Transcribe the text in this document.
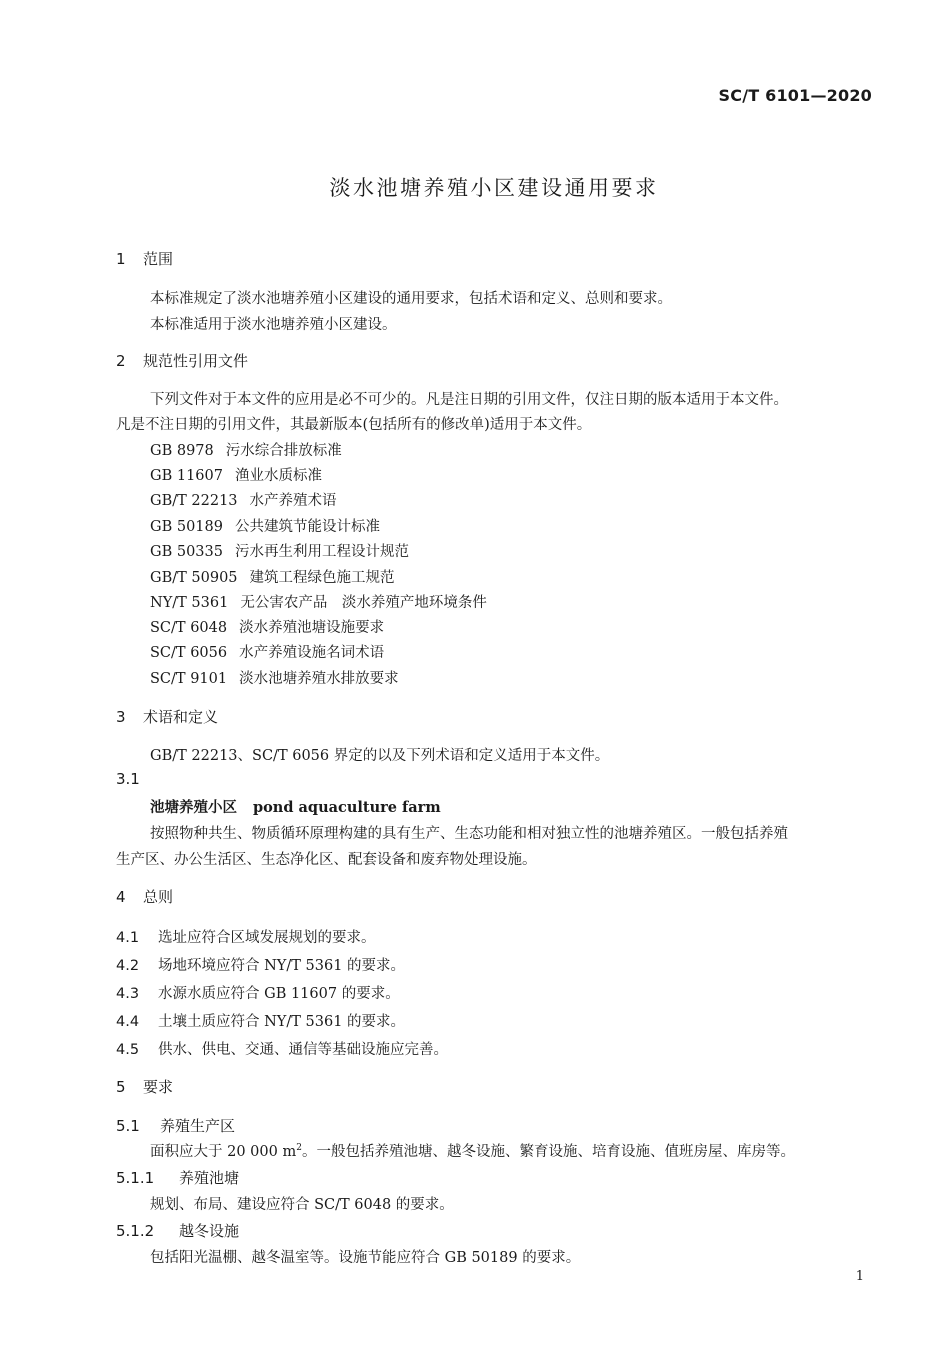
SC/T 6101—2020
淡水池塘养殖小区建设通用要求
1 范围
本标准规定了淡水池塘养殖小区建设的通用要求，包括术语和定义、总则和要求。
本标准适用于淡水池塘养殖小区建设。
2 规范性引用文件
下列文件对于本文件的应用是必不可少的。凡是注日期的引用文件，仅注日期的版本适用于本文件。
凡是不注日期的引用文件，其最新版本(包括所有的修改单)适用于本文件。
GB 8978 污水综合排放标准
GB 11607 渔业水质标准
GB/T 22213 水产养殖术语
GB 50189 公共建筑节能设计标准
GB 50335 污水再生利用工程设计规范
GB/T 50905 建筑工程绿色施工规范
NY/T 5361 无公害农产品　淡水养殖产地环境条件
SC/T 6048 淡水养殖池塘设施要求
SC/T 6056 水产养殖设施名词术语
SC/T 9101 淡水池塘养殖水排放要求
3 术语和定义
GB/T 22213、SC/T 6056 界定的以及下列术语和定义适用于本文件。
3.1
池塘养殖小区 pond aquaculture farm
按照物种共生、物质循环原理构建的具有生产、生态功能和相对独立性的池塘养殖区。一般包括养殖
生产区、办公生活区、生态净化区、配套设备和废弃物处理设施。
4 总则
4.1 选址应符合区域发展规划的要求。
4.2 场地环境应符合 NY/T 5361 的要求。
4.3 水源水质应符合 GB 11607 的要求。
4.4 土壤土质应符合 NY/T 5361 的要求。
4.5 供水、供电、交通、通信等基础设施应完善。
5 要求
5.1 养殖生产区
面积应大于 20 000 $m^2$。一般包括养殖池塘、越冬设施、繁育设施、培育设施、值班房屋、库房等。
5.1.1 养殖池塘
规划、布局、建设应符合 SC/T 6048 的要求。
5.1.2 越冬设施
包括阳光温棚、越冬温室等。设施节能应符合 GB 50189 的要求。
1
